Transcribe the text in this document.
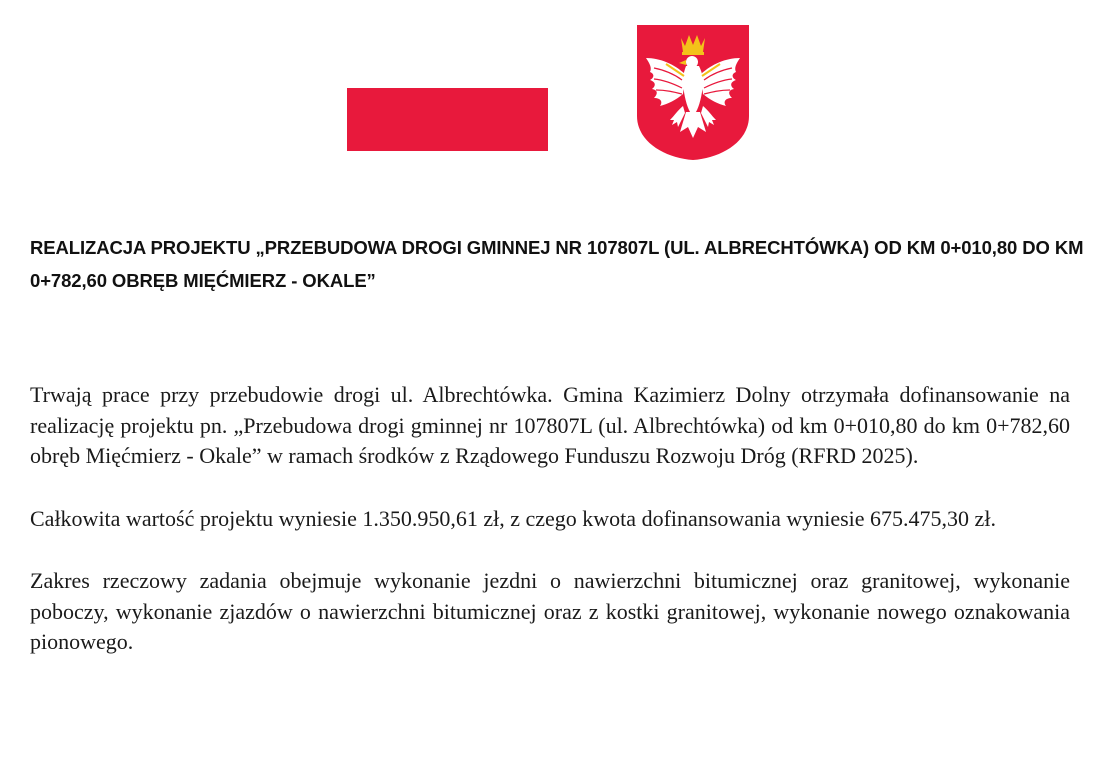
REALIZACJA PROJEKTU „PRZEBUDOWA DROGI GMINNEJ NR 107807L (UL. ALBRECHTÓWKA) OD KM 0+010,80 DO KM 0+782,60 OBRĘB MIĘĆMIERZ - OKALE”

Trwają prace przy przebudowie drogi ul. Albrechtówka. Gmina Kazimierz Dolny otrzymała dofinansowanie na realizację projektu pn. „Przebudowa drogi gminnej nr 107807L (ul. Albrechtówka) od km 0+010,80 do km 0+782,60 obręb Mięćmierz - Okale” w ramach środków z Rządowego Funduszu Rozwoju Dróg (RFRD 2025).

Całkowita wartość projektu wyniesie 1.350.950,61 zł, z czego kwota dofinansowania wyniesie 675.475,30 zł.

Zakres rzeczowy zadania obejmuje wykonanie jezdni o nawierzchni bitumicznej oraz granitowej, wykonanie poboczy, wykonanie zjazdów o nawierzchni bitumicznej oraz z kostki granitowej, wykonanie nowego oznakowania pionowego.
